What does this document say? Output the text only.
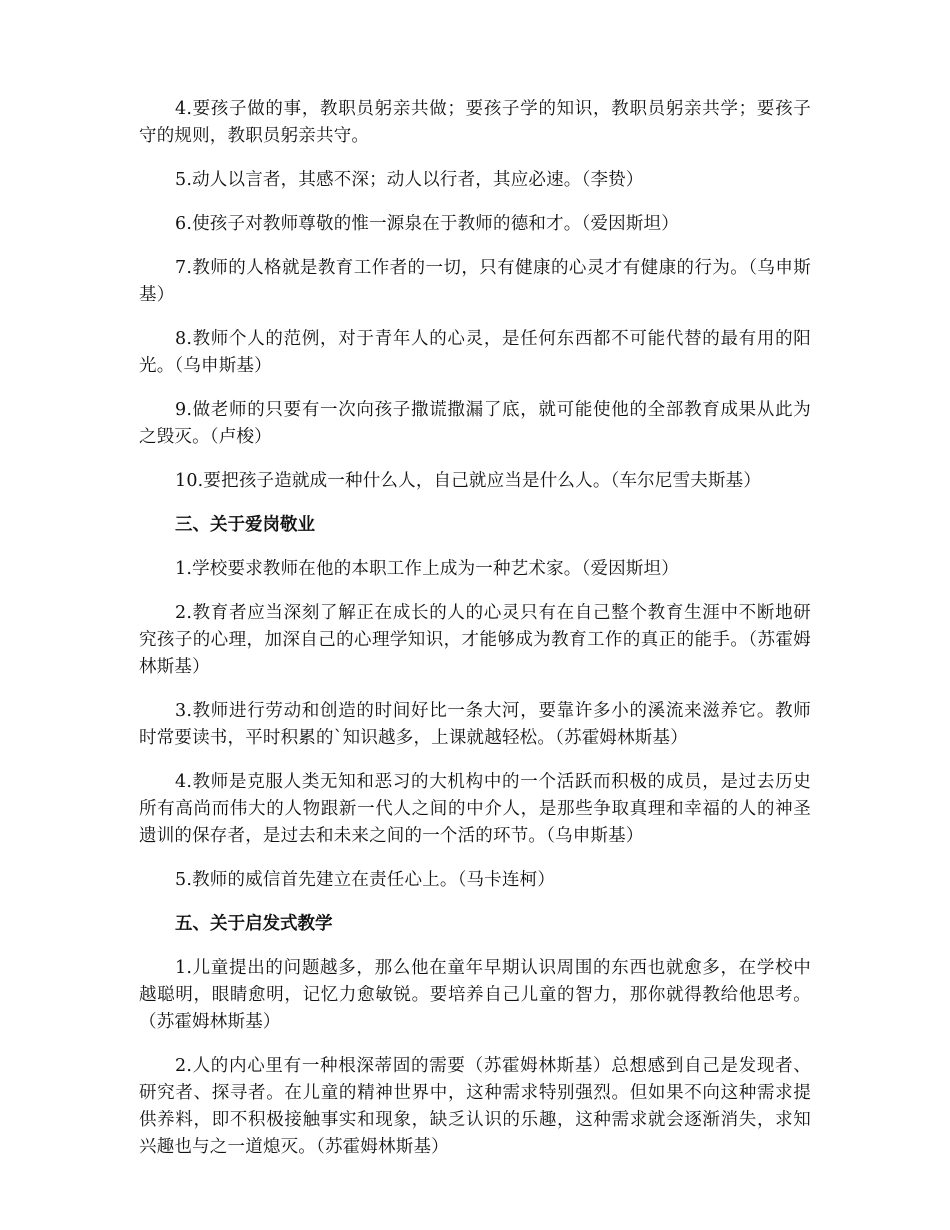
4.要孩子做的事，教职员躬亲共做；要孩子学的知识，教职员躬亲共学；要孩子守的规则，教职员躬亲共守。

5.动人以言者，其感不深；动人以行者，其应必速。（李贽）

6.使孩子对教师尊敬的惟一源泉在于教师的德和才。（爱因斯坦）

7.教师的人格就是教育工作者的一切，只有健康的心灵才有健康的行为。（乌申斯基）

8.教师个人的范例，对于青年人的心灵，是任何东西都不可能代替的最有用的阳光。（乌申斯基）

9.做老师的只要有一次向孩子撒谎撒漏了底，就可能使他的全部教育成果从此为之毁灭。（卢梭）

10.要把孩子造就成一种什么人，自己就应当是什么人。（车尔尼雪夫斯基）

三、关于爱岗敬业

1.学校要求教师在他的本职工作上成为一种艺术家。（爱因斯坦）

2.教育者应当深刻了解正在成长的人的心灵只有在自己整个教育生涯中不断地研究孩子的心理，加深自己的心理学知识，才能够成为教育工作的真正的能手。（苏霍姆林斯基）

3.教师进行劳动和创造的时间好比一条大河，要靠许多小的溪流来滋养它。教师时常要读书，平时积累的`知识越多，上课就越轻松。（苏霍姆林斯基）

4.教师是克服人类无知和恶习的大机构中的一个活跃而积极的成员，是过去历史所有高尚而伟大的人物跟新一代人之间的中介人，是那些争取真理和幸福的人的神圣遗训的保存者，是过去和未来之间的一个活的环节。（乌申斯基）

5.教师的威信首先建立在责任心上。（马卡连柯）

五、关于启发式教学

1.儿童提出的问题越多，那么他在童年早期认识周围的东西也就愈多，在学校中越聪明，眼睛愈明，记忆力愈敏锐。要培养自己儿童的智力，那你就得教给他思考。（苏霍姆林斯基）

2.人的内心里有一种根深蒂固的需要（苏霍姆林斯基）总想感到自己是发现者、研究者、探寻者。在儿童的精神世界中，这种需求特别强烈。但如果不向这种需求提供养料，即不积极接触事实和现象，缺乏认识的乐趣，这种需求就会逐渐消失，求知兴趣也与之一道熄灭。（苏霍姆林斯基）
